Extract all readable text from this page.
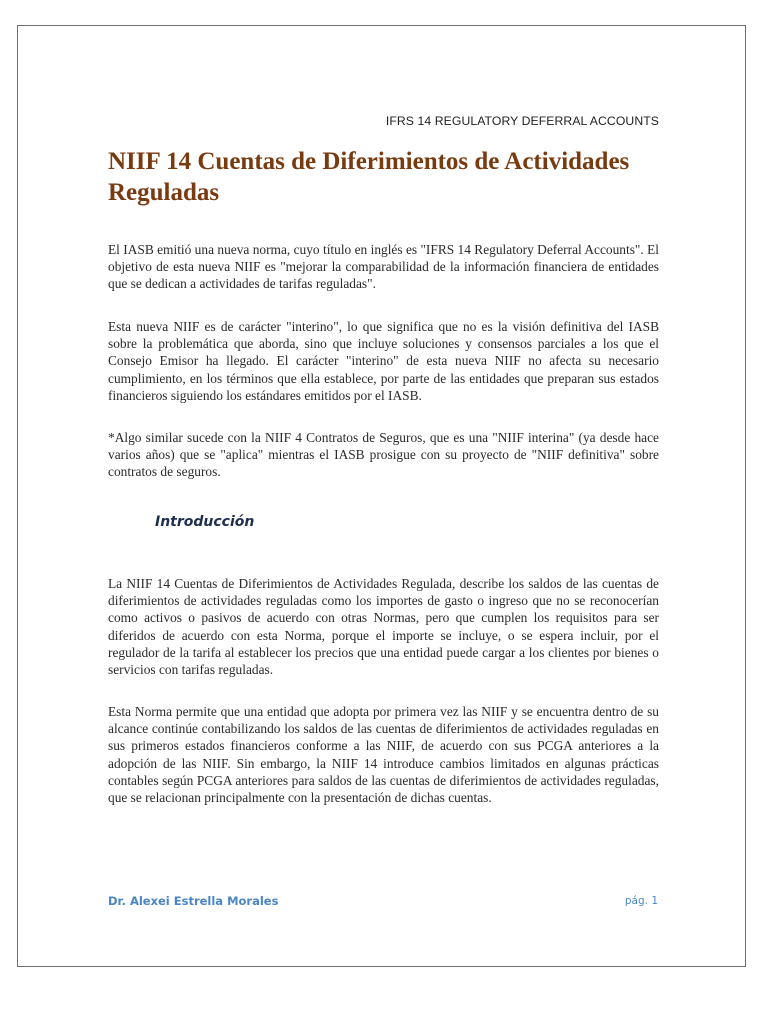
IFRS 14 REGULATORY DEFERRAL ACCOUNTS
NIIF 14 Cuentas de Diferimientos de Actividades Reguladas

El IASB emitió una nueva norma, cuyo título en inglés es "IFRS 14 Regulatory Deferral Accounts". El objetivo de esta nueva NIIF es "mejorar la comparabilidad de la información financiera de entidades que se dedican a actividades de tarifas reguladas".

Esta nueva NIIF es de carácter "interino", lo que significa que no es la visión definitiva del IASB sobre la problemática que aborda, sino que incluye soluciones y consensos parciales a los que el Consejo Emisor ha llegado. El carácter "interino" de esta nueva NIIF no afecta su necesario cumplimiento, en los términos que ella establece, por parte de las entidades que preparan sus estados financieros siguiendo los estándares emitidos por el IASB.

*Algo similar sucede con la NIIF 4 Contratos de Seguros, que es una "NIIF interina" (ya desde hace varios años) que se "aplica" mientras el IASB prosigue con su proyecto de "NIIF definitiva" sobre contratos de seguros.

Introducción

La NIIF 14 Cuentas de Diferimientos de Actividades Regulada, describe los saldos de las cuentas de diferimientos de actividades reguladas como los importes de gasto o ingreso que no se reconocerían como activos o pasivos de acuerdo con otras Normas, pero que cumplen los requisitos para ser diferidos de acuerdo con esta Norma, porque el importe se incluye, o se espera incluir, por el regulador de la tarifa al establecer los precios que una entidad puede cargar a los clientes por bienes o servicios con tarifas reguladas.

Esta Norma permite que una entidad que adopta por primera vez las NIIF y se encuentra dentro de su alcance continúe contabilizando los saldos de las cuentas de diferimientos de actividades reguladas en sus primeros estados financieros conforme a las NIIF, de acuerdo con sus PCGA anteriores a la adopción de las NIIF. Sin embargo, la NIIF 14 introduce cambios limitados en algunas prácticas contables según PCGA anteriores para saldos de las cuentas de diferimientos de actividades reguladas, que se relacionan principalmente con la presentación de dichas cuentas.

Dr. Alexei Estrella Morales	pág. 1
